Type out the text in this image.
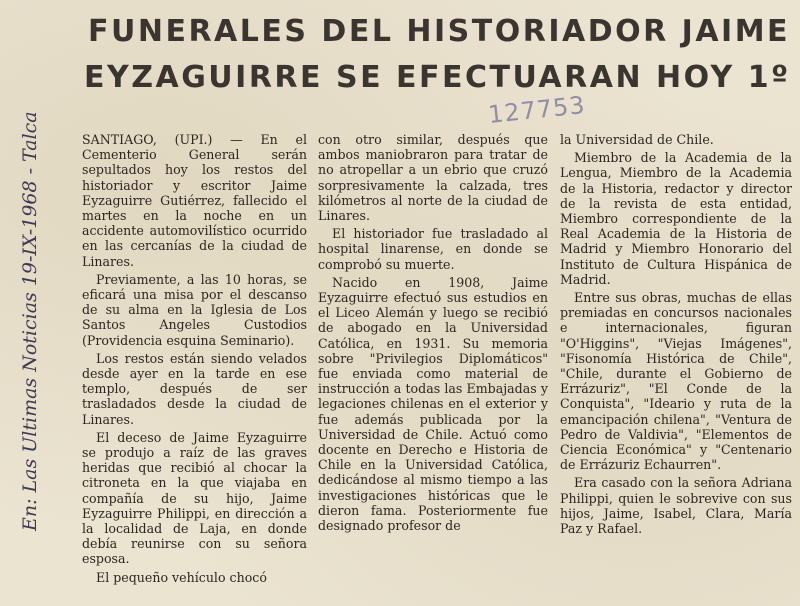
FUNERALES DEL HISTORIADOR JAIME
EYZAGUIRRE SE EFECTUARAN HOY 1º
127753
En: Las Ultimas Noticias 19-IX-1968 - Talca	SANTIAGO, (UPI.) — En el Cementerio General serán sepultados hoy los restos del historiador y escritor Jaime Eyzaguirre Gutiérrez, fallecido el martes en la noche en un accidente automovilístico ocurrido en las cercanías de la ciudad de Linares.

Previamente, a las 10 horas, se eficará una misa por el descanso de su alma en la Iglesia de Los Santos Angeles Custodios (Providencia esquina Seminario).

Los restos están siendo velados desde ayer en la tarde en ese templo, después de ser trasladados desde la ciudad de Linares.

El deceso de Jaime Eyzaguirre se produjo a raíz de las graves heridas que recibió al chocar la citroneta en la que viajaba en compañía de su hijo, Jaime Eyzaguirre Philippi, en dirección a la localidad de Laja, en donde debía reunirse con su señora esposa.

El pequeño vehículo chocó

con otro similar, después que ambos maniobraron para tratar de no atropellar a un ebrio que cruzó sorpresivamente la calzada, tres kilómetros al norte de la ciudad de Linares.

El historiador fue trasladado al hospital linarense, en donde se comprobó su muerte.

Nacido en 1908, Jaime Eyzaguirre efectuó sus estudios en el Liceo Alemán y luego se recibió de abogado en la Universidad Católica, en 1931. Su memoria sobre "Privilegios Diplomáticos" fue enviada como material de instrucción a todas las Embajadas y legaciones chilenas en el exterior y fue además publicada por la Universidad de Chile. Actuó como docente en Derecho e Historia de Chile en la Universidad Católica, dedicándose al mismo tiempo a las investigaciones históricas que le dieron fama. Posteriormente fue designado profesor de

la Universidad de Chile.

Miembro de la Academia de la Lengua, Miembro de la Academia de la Historia, redactor y director de la revista de esta entidad, Miembro correspondiente de la Real Academia de la Historia de Madrid y Miembro Honorario del Instituto de Cultura Hispánica de Madrid.

Entre sus obras, muchas de ellas premiadas en concursos nacionales e internacionales, figuran "O'Higgins", "Viejas Imágenes", "Fisonomía Histórica de Chile", "Chile, durante el Gobierno de Errázuriz", "El Conde de la Conquista", "Ideario y ruta de la emancipación chilena", "Ventura de Pedro de Valdivia", "Elementos de Ciencia Económica" y "Centenario de Errázuriz Echaurren".

Era casado con la señora Adriana Philippi, quien le sobrevive con sus hijos, Jaime, Isabel, Clara, María Paz y Rafael.
